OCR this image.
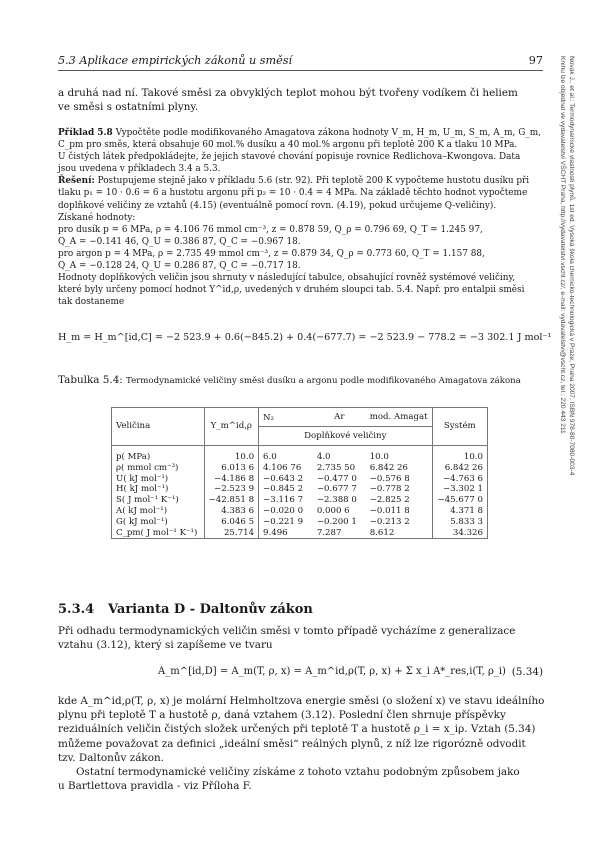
5.3 Aplikace empirických zákonů u směsí	97	Novák J., et al.: Termodynamické vlastnosti plynů. 1st ed. Vysoká škola chemicko-technologická v Praze, Praha 2007, ISBN 978-80-7080-003-4
Knihu lze objednat ve vydavatelství VŠCHT Praha, http://vydavatelstvi.vscht.cz/, e-mail: vydavatelstvi@vscht.cz, tel.: 220 443 211
a druhá nad ní. Takové směsi za obvyklých teplot mohou být tvořeny vodíkem či heliem
ve směsi s ostatními plyny.
Příklad 5.8 Vypočtěte podle modifikovaného Amagatova zákona hodnoty V_m, H_m, U_m, S_m, A_m, G_m,
C_pm pro směs, která obsahuje 60 mol.% dusíku a 40 mol.% argonu při teplotě 200 K a tlaku 10 MPa.
U čistých látek předpokládejte, že jejich stavové chování popisuje rovnice Redlichova–Kwongova. Data
jsou uvedena v příkladech 3.4 a 5.3.
Řešení: Postupujeme stejně jako v příkladu 5.6 (str. 92). Při teplotě 200 K vypočteme hustotu dusíku při
tlaku p₁ = 10 · 0.6 = 6 a hustotu argonu při p₂ = 10 · 0.4 = 4 MPa. Na základě těchto hodnot vypočteme
doplňkové veličiny ze vztahů (4.15) (eventuálně pomocí rovn. (4.19), pokud určujeme Q-veličiny).
Získané hodnoty:
pro dusík p = 6 MPa, ρ = 4.106 76 mmol cm⁻³, z = 0.878 59, Q_ρ = 0.796 69, Q_T = 1.245 97,
Q_A = −0.141 46, Q_U = 0.386 87, Q_C = −0.967 18.
pro argon p = 4 MPa, ρ = 2.735 49 mmol cm⁻³, z = 0.879 34, Q_ρ = 0.773 60, Q_T = 1.157 88,
Q_A = −0.128 24, Q_U = 0.286 87, Q_C = −0.717 18.
Hodnoty doplňkových veličin jsou shrnuty v následující tabulce, obsahující rovněž systémové veličiny,
které byly určeny pomocí hodnot Y^id,ρ, uvedených v druhém sloupci tab. 5.4. Např. pro entalpii směsi
tak dostaneme
H_m = H_m^[id,C] = −2 523.9 + 0.6(−845.2) + 0.4(−677.7) = −2 523.9 − 778.2 = −3 302.1 J mol⁻¹
Tabulka 5.4: Termodynamické veličiny směsi dusíku a argonu podle modifikovaného Amagatova zákona
Veličina	Y_m^id,ρ	N₂	Ar	mod. Amagat	Systém
		Doplňkové veličiny			

p( MPa)	10.0	6.0	4.0	10.0	10.0
ρ( mmol cm⁻³)	6.013 6	4.106 76	2.735 50	6.842 26	6.842 26
U( kJ mol⁻¹)	−4.186 8	−0.643 2	−0.477 0	−0.576 8	−4.763 6
H( kJ mol⁻¹)	−2.523 9	−0.845 2	−0.677 7	−0.778 2	−3.302 1
S( J mol⁻¹ K⁻¹)	−42.851 8	−3.116 7	−2.388 0	−2.825 2	−45.677 0
A( kJ mol⁻¹)	4.383 6	−0.020 0	0.000 6	−0.011 8	4.371 8
G( kJ mol⁻¹)	6.046 5	−0.221 9	−0.200 1	−0.213 2	5.833 3
C_pm( J mol⁻¹ K⁻¹)	25.714	9.496	7.287	8.612	34.326
5.3.4 Varianta D - Daltonův zákon
Při odhadu termodynamických veličin směsi v tomto případě vycházíme z generalizace
vztahu (3.12), který si zapíšeme ve tvaru
A_m^[id,D] = A_m(T, ρ, x) = A_m^id,ρ(T, ρ, x) + Σ x_i A*_res,i(T, ρ_i) (5.34)
kde A_m^id,ρ(T, ρ, x) je molární Helmholtzova energie směsi (o složení x) ve stavu ideálního
plynu při teplotě T a hustotě ρ, daná vztahem (3.12). Poslední člen shrnuje příspěvky
reziduálních veličin čistých složek určených při teplotě T a hustotě ρ_i = x_iρ. Vztah (5.34)
můžeme považovat za definici „ideální směsi“ reálných plynů, z níž lze rigorózně odvodit
tzv. Daltonův zákon.
Ostatní termodynamické veličiny získáme z tohoto vztahu podobným způsobem jako
u Bartlettova pravidla - viz Příloha F.
